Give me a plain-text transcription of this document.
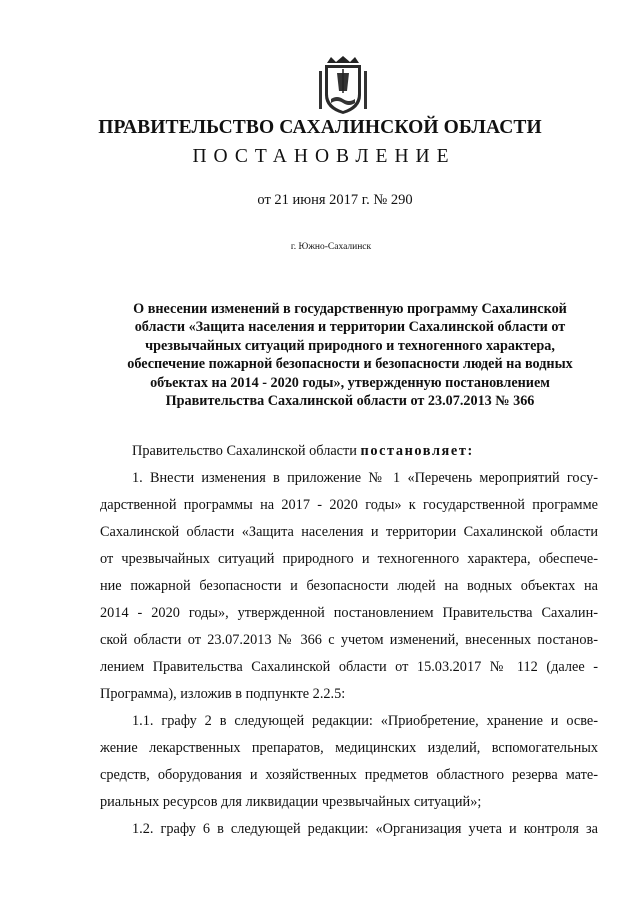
ПРАВИТЕЛЬСТВО САХАЛИНСКОЙ ОБЛАСТИ
ПОСТАНОВЛЕНИЕ
от 21 июня 2017 г. № 290
г. Южно-Сахалинск
О внесении изменений в государственную программу Сахалинской
области «Защита населения и территории Сахалинской области от
чрезвычайных ситуаций природного и техногенного характера,
обеспечение пожарной безопасности и безопасности людей на водных
объектах на 2014 - 2020 годы», утвержденную постановлением
Правительства Сахалинской области от 23.07.2013 № 366
Правительство Сахалинской области постановляет:
1. Внести изменения в приложение № 1 «Перечень мероприятий госу-
дарственной программы на 2017 - 2020 годы» к государственной программе
Сахалинской области «Защита населения и территории Сахалинской области
от чрезвычайных ситуаций природного и техногенного характера, обеспече-
ние пожарной безопасности и безопасности людей на водных объектах на
2014 - 2020 годы», утвержденной постановлением Правительства Сахалин-
ской области от 23.07.2013 № 366 с учетом изменений, внесенных постанов-
лением Правительства Сахалинской области от 15.03.2017 № 112 (далее -
Программа), изложив в подпункте 2.2.5:
1.1. графу 2 в следующей редакции: «Приобретение, хранение и осве-
жение лекарственных препаратов, медицинских изделий, вспомогательных
средств, оборудования и хозяйственных предметов областного резерва мате-
риальных ресурсов для ликвидации чрезвычайных ситуаций»;
1.2. графу 6 в следующей редакции: «Организация учета и контроля за
